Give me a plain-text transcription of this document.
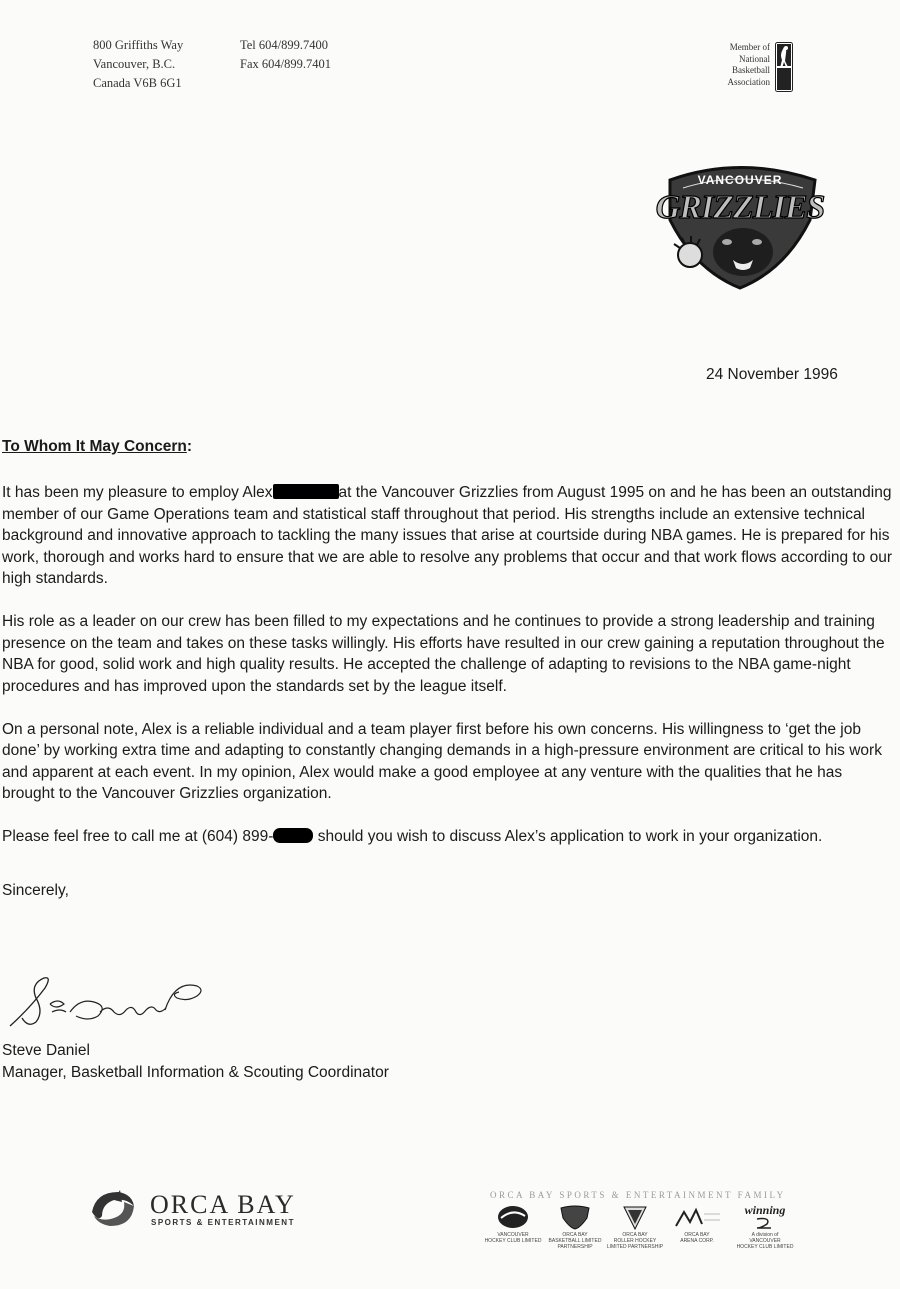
800 Griffiths Way
Vancouver, B.C.
Canada V6B 6G1
Tel 604/899.7400
Fax 604/899.7401
Member of
National
Basketball
Association
VANCOUVER
GRIZZLIES
24 November 1996
To Whom It May Concern:

It has been my pleasure to employ Alex	at the Vancouver Grizzlies from August 1995 on and he has been an outstanding member of our Game Operations team and statistical staff throughout that period. His strengths include an extensive technical background and innovative approach to tackling the many issues that arise at courtside during NBA games. He is prepared for his work, thorough and works hard to ensure that we are able to resolve any problems that occur and that work flows according to our high standards.

His role as a leader on our crew has been filled to my expectations and he continues to provide a strong leadership and training presence on the team and takes on these tasks willingly. His efforts have resulted in our crew gaining a reputation throughout the NBA for good, solid work and high quality results. He accepted the challenge of adapting to revisions to the NBA game-night procedures and has improved upon the standards set by the league itself.

On a personal note, Alex is a reliable individual and a team player first before his own concerns. His willingness to ‘get the job done’ by working extra time and adapting to constantly changing demands in a high-pressure environment are critical to his work and apparent at each event. In my opinion, Alex would make a good employee at any venture with the qualities that he has brought to the Vancouver Grizzlies organization.

Please feel free to call me at (604) 899-	should you wish to discuss Alex’s application to work in your organization.

Sincerely,

Steve Daniel
Manager, Basketball Information & Scouting Coordinator
ORCA BAY
SPORTS & ENTERTAINMENT
ORCA BAY SPORTS & ENTERTAINMENT FAMILY
VANCOUVER
HOCKEY CLUB LIMITED
ORCA BAY
BASKETBALL LIMITED
PARTNERSHIP
ORCA BAY
ROLLER HOCKEY
LIMITED PARTNERSHIP
ORCA BAY
ARENA CORP.
winning
A division of
VANCOUVER
HOCKEY CLUB LIMITED
